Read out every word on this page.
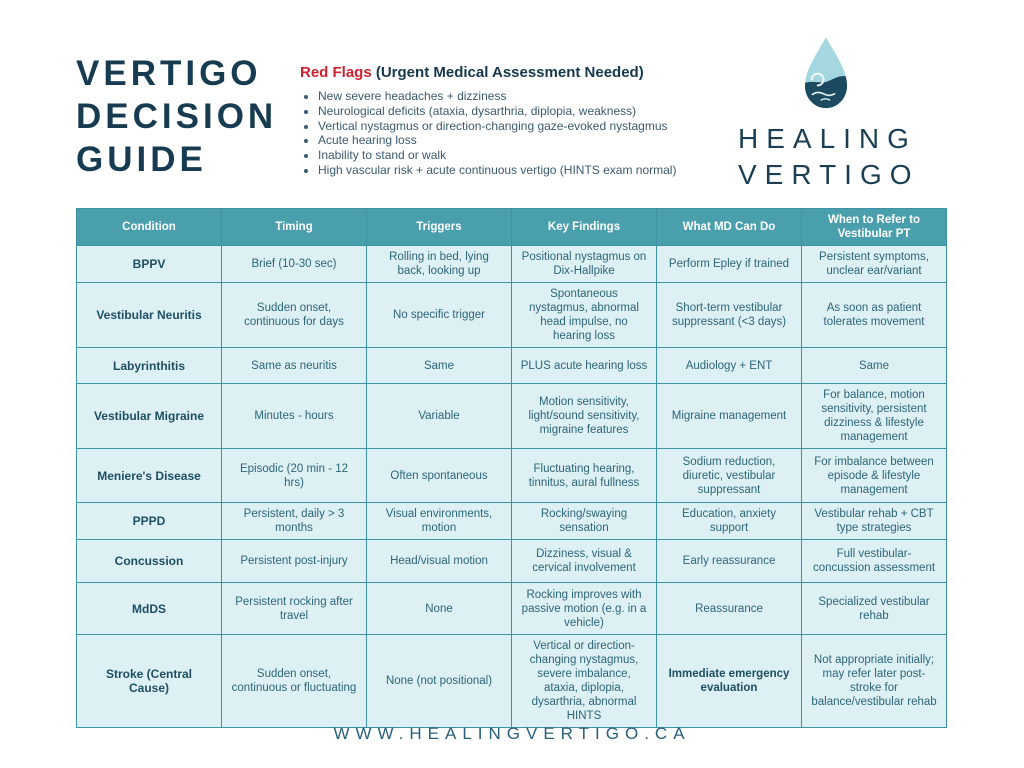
VERTIGO DECISION GUIDE
Red Flags (Urgent Medical Assessment Needed)
• New severe headaches + dizziness
• Neurological deficits (ataxia, dysarthria, diplopia, weakness)
• Vertical nystagmus or direction-changing gaze-evoked nystagmus
• Acute hearing loss
• Inability to stand or walk
• High vascular risk + acute continuous vertigo (HINTS exam normal)
HEALING
VERTIGO
Condition	Timing	Triggers	Key Findings	What MD Can Do	When to Refer to Vestibular PT
BPPV	Brief (10-30 sec)	Rolling in bed, lying back, looking up	Positional nystagmus on Dix-Hallpike	Perform Epley if trained	Persistent symptoms, unclear ear/variant
Vestibular Neuritis	Sudden onset, continuous for days	No specific trigger	Spontaneous nystagmus, abnormal head impulse, no hearing loss	Short-term vestibular suppressant (<3 days)	As soon as patient tolerates movement
Labyrinthitis	Same as neuritis	Same	PLUS acute hearing loss	Audiology + ENT	Same
Vestibular Migraine	Minutes - hours	Variable	Motion sensitivity, light/sound sensitivity, migraine features	Migraine management	For balance, motion sensitivity, persistent dizziness & lifestyle management
Meniere's Disease	Episodic (20 min - 12 hrs)	Often spontaneous	Fluctuating hearing, tinnitus, aural fullness	Sodium reduction, diuretic, vestibular suppressant	For imbalance between episode & lifestyle management
PPPD	Persistent, daily > 3 months	Visual environments, motion	Rocking/swaying sensation	Education, anxiety support	Vestibular rehab + CBT type strategies
Concussion	Persistent post-injury	Head/visual motion	Dizziness, visual & cervical involvement	Early reassurance	Full vestibular-concussion assessment
MdDS	Persistent rocking after travel	None	Rocking improves with passive motion (e.g. in a vehicle)	Reassurance	Specialized vestibular rehab
Stroke (Central Cause)	Sudden onset, continuous or fluctuating	None (not positional)	Vertical or direction-changing nystagmus, severe imbalance, ataxia, diplopia, dysarthria, abnormal HINTS	Immediate emergency evaluation	Not appropriate initially; may refer later post-stroke for balance/vestibular rehab
WWW.HEALINGVERTIGO.CA
